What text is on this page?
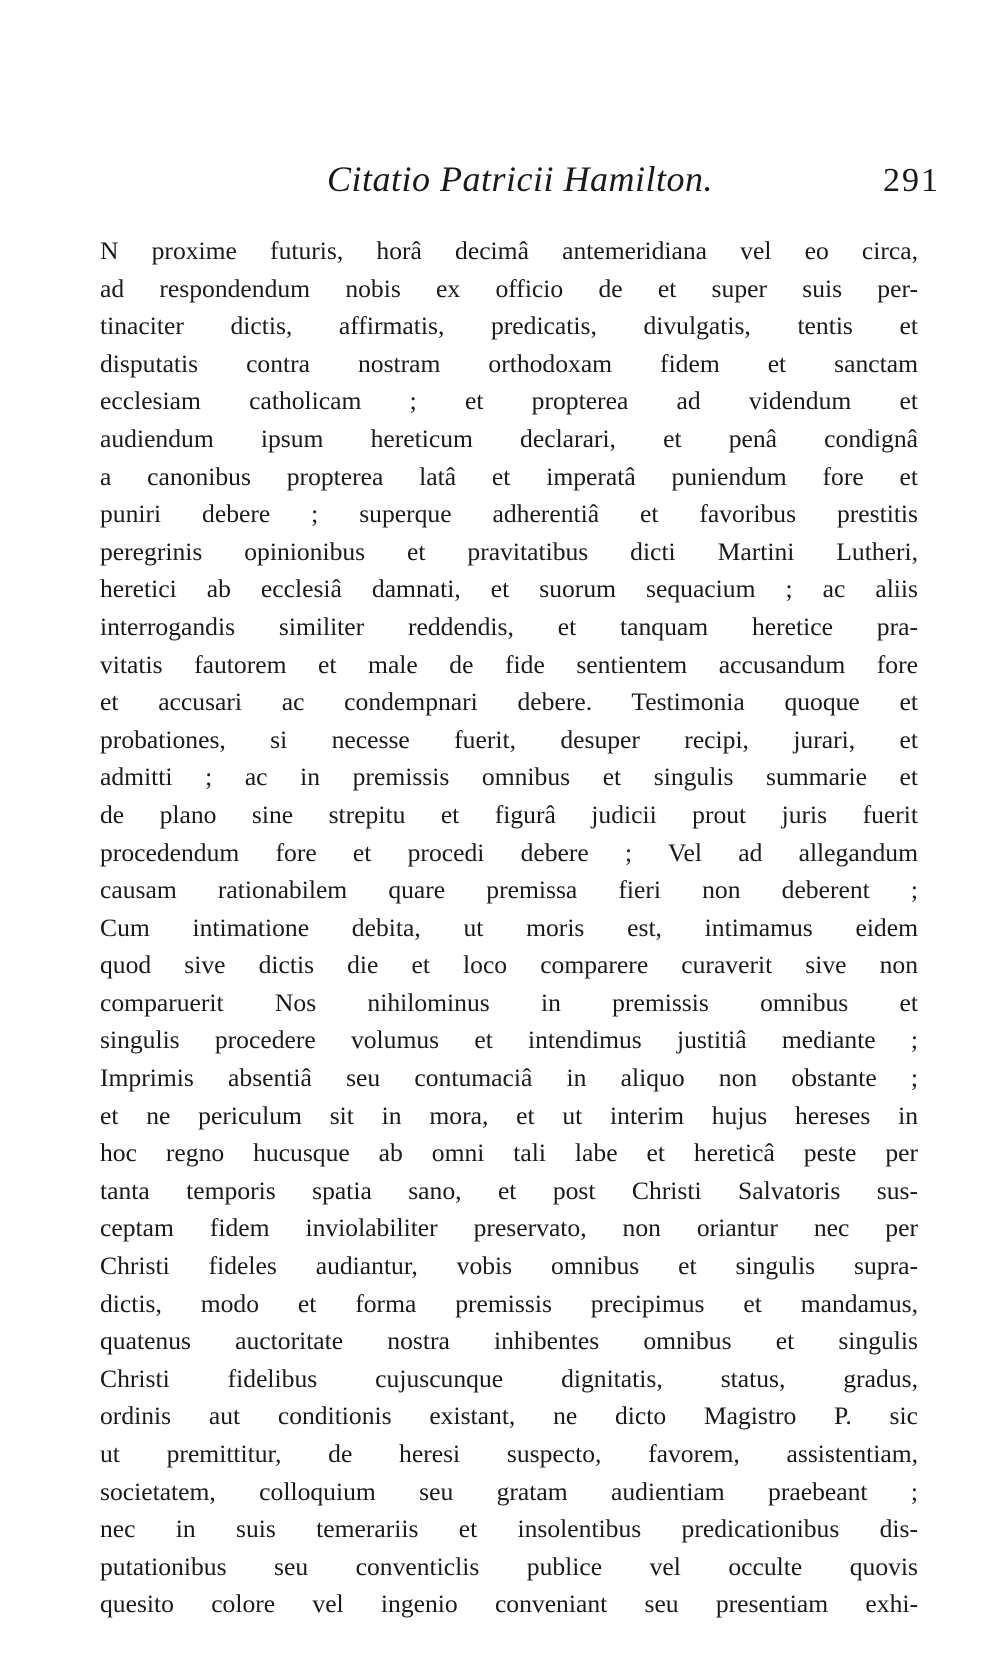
Citatio Patricii Hamilton.	291
N proxime futuris, horâ decimâ antemeridiana vel eo circa,
ad respondendum nobis ex officio de et super suis per-
tinaciter dictis, affirmatis, predicatis, divulgatis, tentis et
disputatis contra nostram orthodoxam fidem et sanctam
ecclesiam catholicam ; et propterea ad videndum et
audiendum ipsum hereticum declarari, et penâ condignâ
a canonibus propterea latâ et imperatâ puniendum fore et
puniri debere ; superque adherentiâ et favoribus prestitis
peregrinis opinionibus et pravitatibus dicti Martini Lutheri,
heretici ab ecclesiâ damnati, et suorum sequacium ; ac aliis
interrogandis similiter reddendis, et tanquam heretice pra-
vitatis fautorem et male de fide sentientem accusandum fore
et accusari ac condempnari debere. Testimonia quoque et
probationes, si necesse fuerit, desuper recipi, jurari, et
admitti ; ac in premissis omnibus et singulis summarie et
de plano sine strepitu et figurâ judicii prout juris fuerit
procedendum fore et procedi debere ; Vel ad allegandum
causam rationabilem quare premissa fieri non deberent ;
Cum intimatione debita, ut moris est, intimamus eidem
quod sive dictis die et loco comparere curaverit sive non
comparuerit Nos nihilominus in premissis omnibus et
singulis procedere volumus et intendimus justitiâ mediante ;
Imprimis absentiâ seu contumaciâ in aliquo non obstante ;
et ne periculum sit in mora, et ut interim hujus hereses in
hoc regno hucusque ab omni tali labe et hereticâ peste per
tanta temporis spatia sano, et post Christi Salvatoris sus-
ceptam fidem inviolabiliter preservato, non oriantur nec per
Christi fideles audiantur, vobis omnibus et singulis supra-
dictis, modo et forma premissis precipimus et mandamus,
quatenus auctoritate nostra inhibentes omnibus et singulis
Christi fidelibus cujuscunque dignitatis, status, gradus,
ordinis aut conditionis existant, ne dicto Magistro P. sic
ut premittitur, de heresi suspecto, favorem, assistentiam,
societatem, colloquium seu gratam audientiam praebeant ;
nec in suis temerariis et insolentibus predicationibus dis-
putationibus seu conventiclis publice vel occulte quovis
quesito colore vel ingenio conveniant seu presentiam exhi-
